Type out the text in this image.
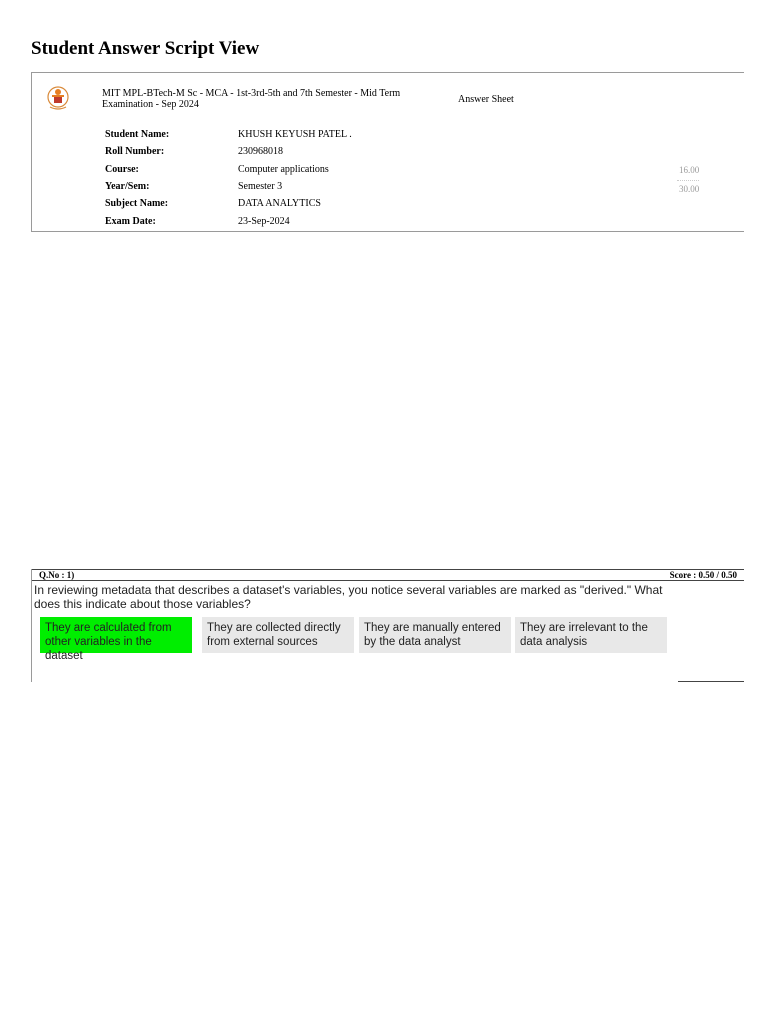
Student Answer Script View
MIT MPL-BTech-M Sc - MCA - 1st-3rd-5th and 7th Semester - Mid Term Examination - Sep 2024	Answer Sheet
Student Name:	KHUSH KEYUSH PATEL .
Roll Number:	230968018
Course:	Computer applications
Year/Sem:	Semester 3
Subject Name:	DATA ANALYTICS
Exam Date:	23-Sep-2024
16.00
30.00
Q.No : 1)	Score : 0.50 / 0.50
In reviewing metadata that describes a dataset's variables, you notice several variables are marked as "derived." What does this indicate about those variables?
They are calculated from other variables in the dataset
They are collected directly from external sources
They are manually entered by the data analyst
They are irrelevant to the data analysis
